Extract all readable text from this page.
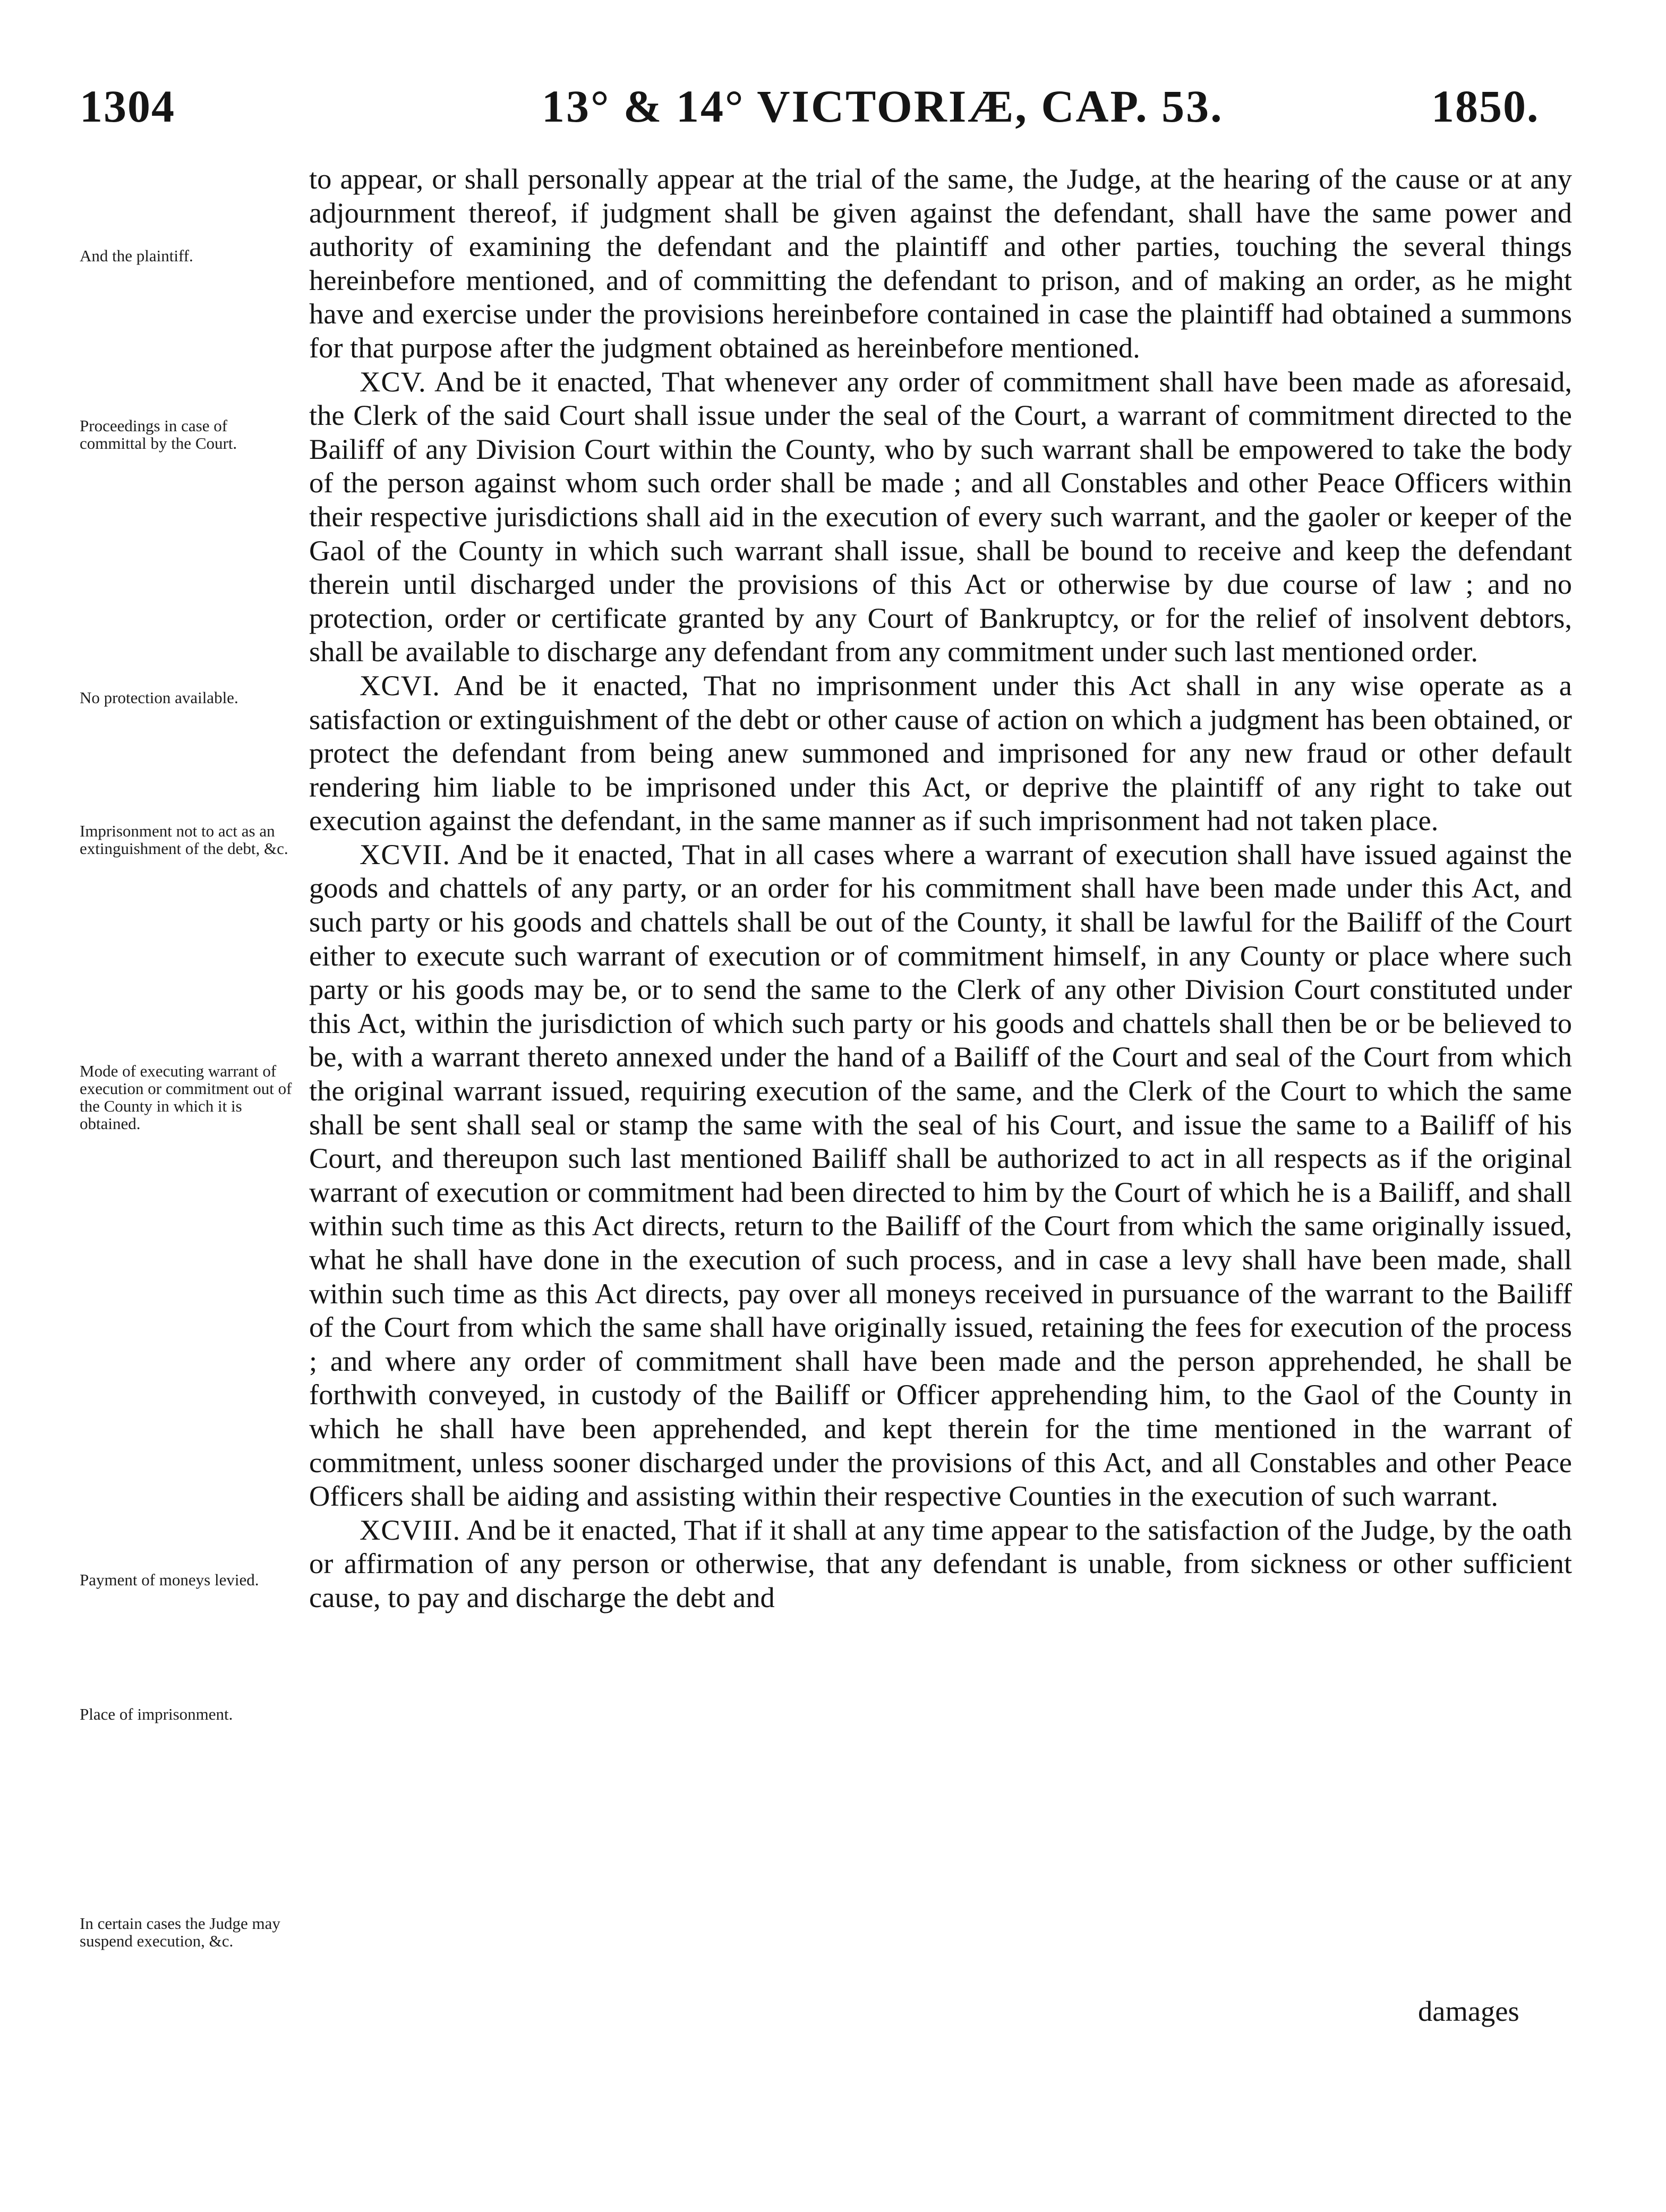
1304	13° & 14° VICTORIÆ, CAP. 53.	1850.
And the plaintiff.
Proceedings in case of committal by the Court.
No protection available.
Imprisonment not to act as an extinguishment of the debt, &c.
Mode of executing warrant of execution or commitment out of the County in which it is obtained.
Payment of moneys levied.
Place of imprisonment.
In certain cases the Judge may suspend execution, &c.

to appear, or shall personally appear at the trial of the same, the Judge, at the hearing of the cause or at any adjournment thereof, if judgment shall be given against the defendant, shall have the same power and authority of examining the defendant and the plaintiff and other parties, touching the several things hereinbefore mentioned, and of committing the defendant to prison, and of making an order, as he might have and exercise under the provisions hereinbefore contained in case the plaintiff had obtained a summons for that purpose after the judgment obtained as hereinbefore mentioned.

XCV. And be it enacted, That whenever any order of commitment shall have been made as aforesaid, the Clerk of the said Court shall issue under the seal of the Court, a warrant of commitment directed to the Bailiff of any Division Court within the County, who by such warrant shall be empowered to take the body of the person against whom such order shall be made ; and all Constables and other Peace Officers within their respective jurisdictions shall aid in the execution of every such warrant, and the gaoler or keeper of the Gaol of the County in which such warrant shall issue, shall be bound to receive and keep the defendant therein until discharged under the provisions of this Act or otherwise by due course of law ; and no protection, order or certificate granted by any Court of Bankruptcy, or for the relief of insolvent debtors, shall be available to discharge any defendant from any commitment under such last mentioned order.

XCVI. And be it enacted, That no imprisonment under this Act shall in any wise operate as a satisfaction or extinguishment of the debt or other cause of action on which a judgment has been obtained, or protect the defendant from being anew summoned and imprisoned for any new fraud or other default rendering him liable to be imprisoned under this Act, or deprive the plaintiff of any right to take out execution against the defendant, in the same manner as if such imprisonment had not taken place.

XCVII. And be it enacted, That in all cases where a warrant of execution shall have issued against the goods and chattels of any party, or an order for his commitment shall have been made under this Act, and such party or his goods and chattels shall be out of the County, it shall be lawful for the Bailiff of the Court either to execute such warrant of execution or of commitment himself, in any County or place where such party or his goods may be, or to send the same to the Clerk of any other Division Court constituted under this Act, within the jurisdiction of which such party or his goods and chattels shall then be or be believed to be, with a warrant thereto annexed under the hand of a Bailiff of the Court and seal of the Court from which the original warrant issued, requiring execution of the same, and the Clerk of the Court to which the same shall be sent shall seal or stamp the same with the seal of his Court, and issue the same to a Bailiff of his Court, and thereupon such last mentioned Bailiff shall be authorized to act in all respects as if the original warrant of execution or commitment had been directed to him by the Court of which he is a Bailiff, and shall within such time as this Act directs, return to the Bailiff of the Court from which the same originally issued, what he shall have done in the execution of such process, and in case a levy shall have been made, shall within such time as this Act directs, pay over all moneys received in pursuance of the warrant to the Bailiff of the Court from which the same shall have originally issued, retaining the fees for execution of the process ; and where any order of commitment shall have been made and the person apprehended, he shall be forthwith conveyed, in custody of the Bailiff or Officer apprehending him, to the Gaol of the County in which he shall have been apprehended, and kept therein for the time mentioned in the warrant of commitment, unless sooner discharged under the provisions of this Act, and all Constables and other Peace Officers shall be aiding and assisting within their respective Counties in the execution of such warrant.

XCVIII. And be it enacted, That if it shall at any time appear to the satisfaction of the Judge, by the oath or affirmation of any person or otherwise, that any defendant is unable, from sickness or other sufficient cause, to pay and discharge the debt and

damages
